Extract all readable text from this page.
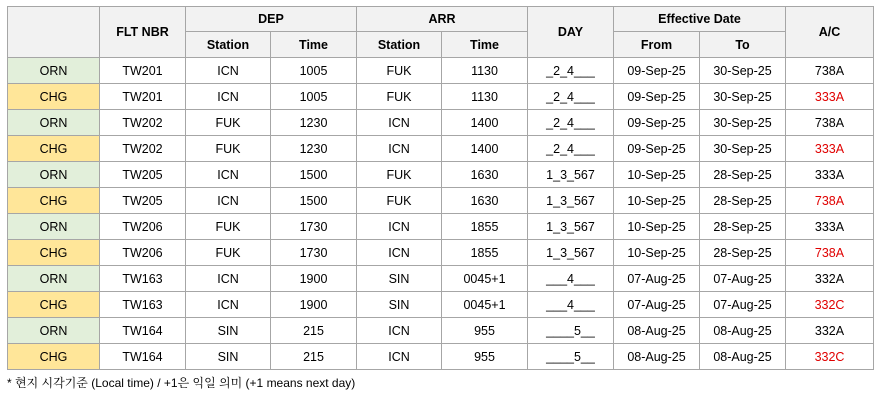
	FLT NBR	DEP		ARR		DAY	Effective Date		A/C
		Station	Time	Station	Time		From	To	
ORN	TW201	ICN	1005	FUK	1130	_2_4___	09-Sep-25	30-Sep-25	738A
CHG	TW201	ICN	1005	FUK	1130	_2_4___	09-Sep-25	30-Sep-25	333A
ORN	TW202	FUK	1230	ICN	1400	_2_4___	09-Sep-25	30-Sep-25	738A
CHG	TW202	FUK	1230	ICN	1400	_2_4___	09-Sep-25	30-Sep-25	333A
ORN	TW205	ICN	1500	FUK	1630	1_3_567	10-Sep-25	28-Sep-25	333A
CHG	TW205	ICN	1500	FUK	1630	1_3_567	10-Sep-25	28-Sep-25	738A
ORN	TW206	FUK	1730	ICN	1855	1_3_567	10-Sep-25	28-Sep-25	333A
CHG	TW206	FUK	1730	ICN	1855	1_3_567	10-Sep-25	28-Sep-25	738A
ORN	TW163	ICN	1900	SIN	0045+1	___4___	07-Aug-25	07-Aug-25	332A
CHG	TW163	ICN	1900	SIN	0045+1	___4___	07-Aug-25	07-Aug-25	332C
ORN	TW164	SIN	215	ICN	955	____5__	08-Aug-25	08-Aug-25	332A
CHG	TW164	SIN	215	ICN	955	____5__	08-Aug-25	08-Aug-25	332C
* 현지 시각기준 (Local time) / +1은 익일 의미 (+1 means next day)
